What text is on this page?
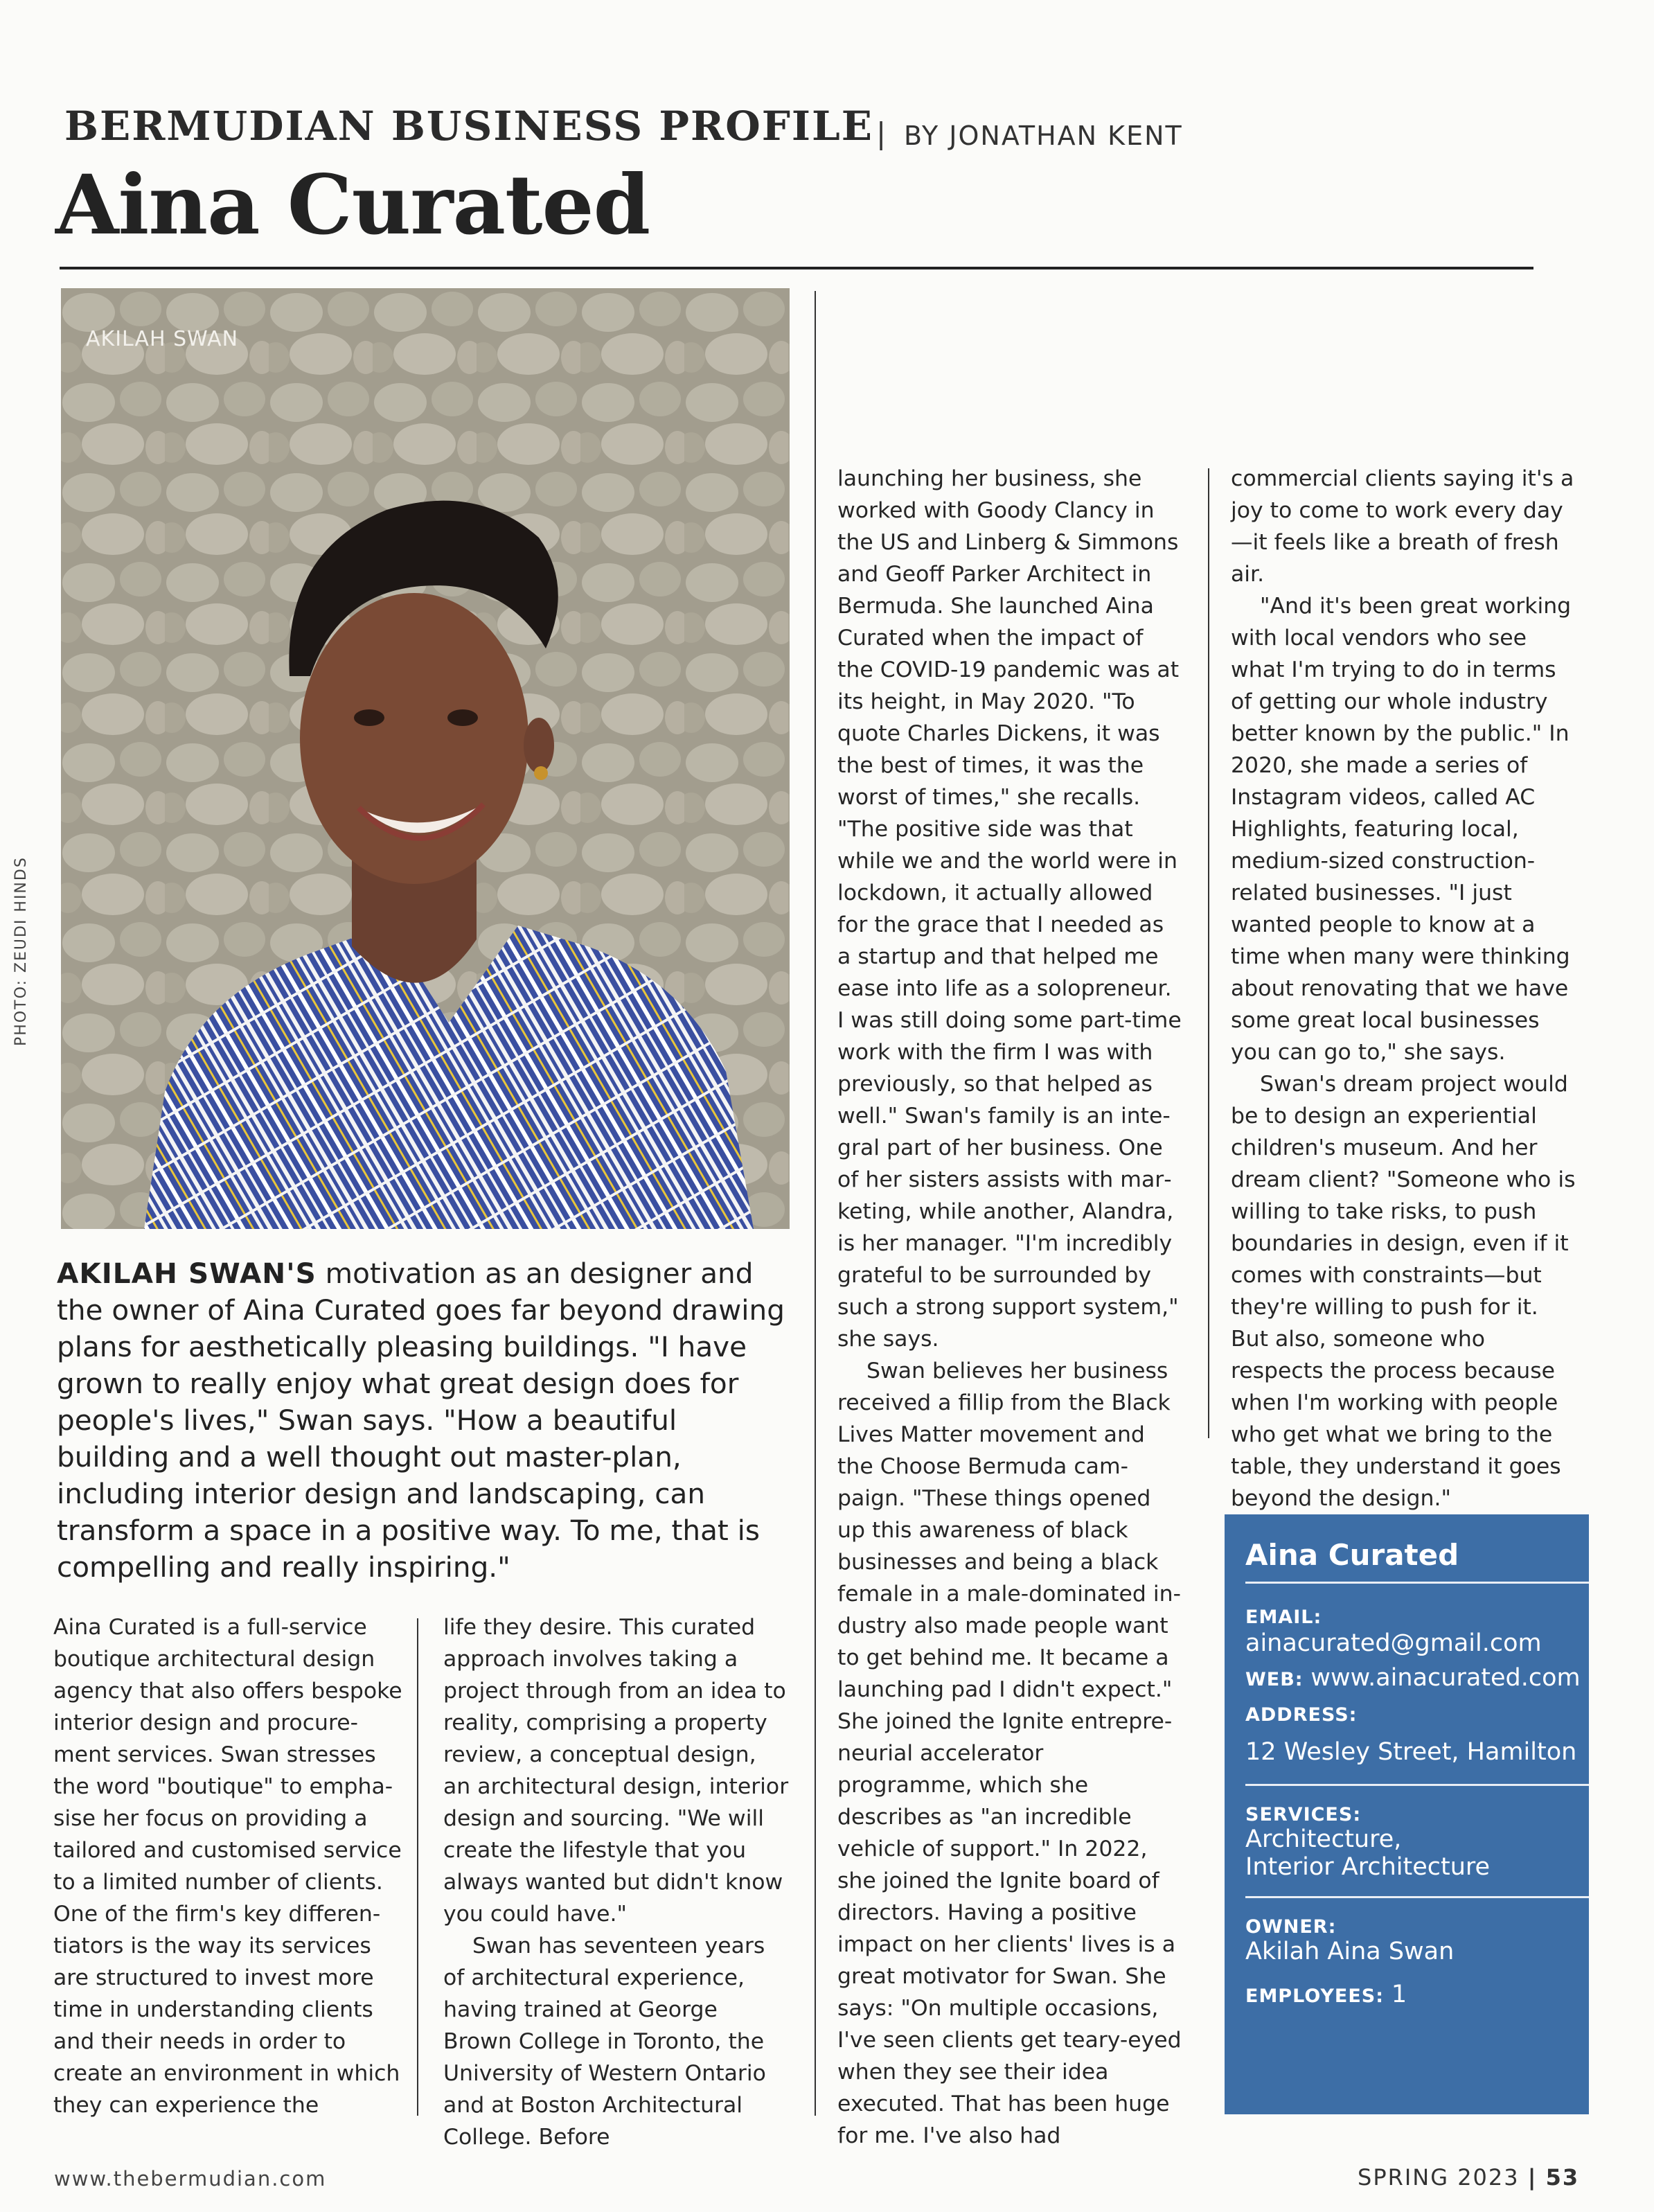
BERMUDIAN BUSINESS PROFILE | BY JONATHAN KENT
Aina Curated
AKILAH SWAN
PHOTO: ZEUDI HINDS
AKILAH SWAN'S motivation as an designer and the owner of Aina Curated goes far beyond drawing plans for aesthetically pleasing buildings. "I have grown to really enjoy what great design does for people's lives," Swan says. "How a beautiful building and a well thought out master-plan, including interior design and landscaping, can transform a space in a positive way. To me, that is compelling and really inspiring."

Aina Curated is a full-service boutique architectural design agency that also offers bespoke interior design and procurement services. Swan stresses the word "boutique" to emphasise her focus on providing a tailored and customised service to a limited number of clients. One of the firm's key differentiators is the way its services are structured to invest more time in understanding clients and their needs in order to create an environment in which they can experience the

life they desire. This curated approach involves taking a project through from an idea to reality, comprising a property review, a conceptual design, an architectural design, interior design and sourcing. "We will create the lifestyle that you always wanted but didn't know you could have."

Swan has seventeen years of architectural experience, having trained at George Brown College in Toronto, the University of Western Ontario and at Boston Architectural College. Before

launching her business, she worked with Goody Clancy in the US and Linberg & Simmons and Geoff Parker Architect in Bermuda. She launched Aina Curated when the impact of the COVID-19 pandemic was at its height, in May 2020. "To quote Charles Dickens, it was the best of times, it was the worst of times," she recalls. "The positive side was that while we and the world were in lockdown, it actually allowed for the grace that I needed as a startup and that helped me ease into life as a solopreneur. I was still doing some part-time work with the firm I was with previously, so that helped as well." Swan's family is an integral part of her business. One of her sisters assists with marketing, while another, Alandra, is her manager. "I'm incredibly grateful to be surrounded by such a strong support system," she says.

Swan believes her business received a fillip from the Black Lives Matter movement and the Choose Bermuda campaign. "These things opened up this awareness of black businesses and being a black female in a male-dominated industry also made people want to get behind me. It became a launching pad I didn't expect." She joined the Ignite entrepreneurial accelerator programme, which she describes as "an incredible vehicle of support." In 2022, she joined the Ignite board of directors. Having a positive impact on her clients' lives is a great motivator for Swan. She says: "On multiple occasions, I've seen clients get teary-eyed when they see their idea executed. That has been huge for me. I've also had

commercial clients saying it's a joy to come to work every day—it feels like a breath of fresh air.

"And it's been great working with local vendors who see what I'm trying to do in terms of getting our whole industry better known by the public." In 2020, she made a series of Instagram videos, called AC Highlights, featuring local, medium-sized construction-related businesses. "I just wanted people to know at a time when many were thinking about renovating that we have some great local businesses you can go to," she says.

Swan's dream project would be to design an experiential children's museum. And her dream client? "Someone who is willing to take risks, to push boundaries in design, even if it comes with constraints—but they're willing to push for it. But also, someone who respects the process because when I'm working with people who get what we bring to the table, they understand it goes beyond the design."

Aina Curated
EMAIL: ainacurated@gmail.com
WEB: www.ainacurated.com
ADDRESS:
12 Wesley Street, Hamilton
SERVICES:
Architecture,
Interior Architecture
OWNER:
Akilah Aina Swan
EMPLOYEES: 1
www.thebermudian.com	SPRING 2023 | 53
